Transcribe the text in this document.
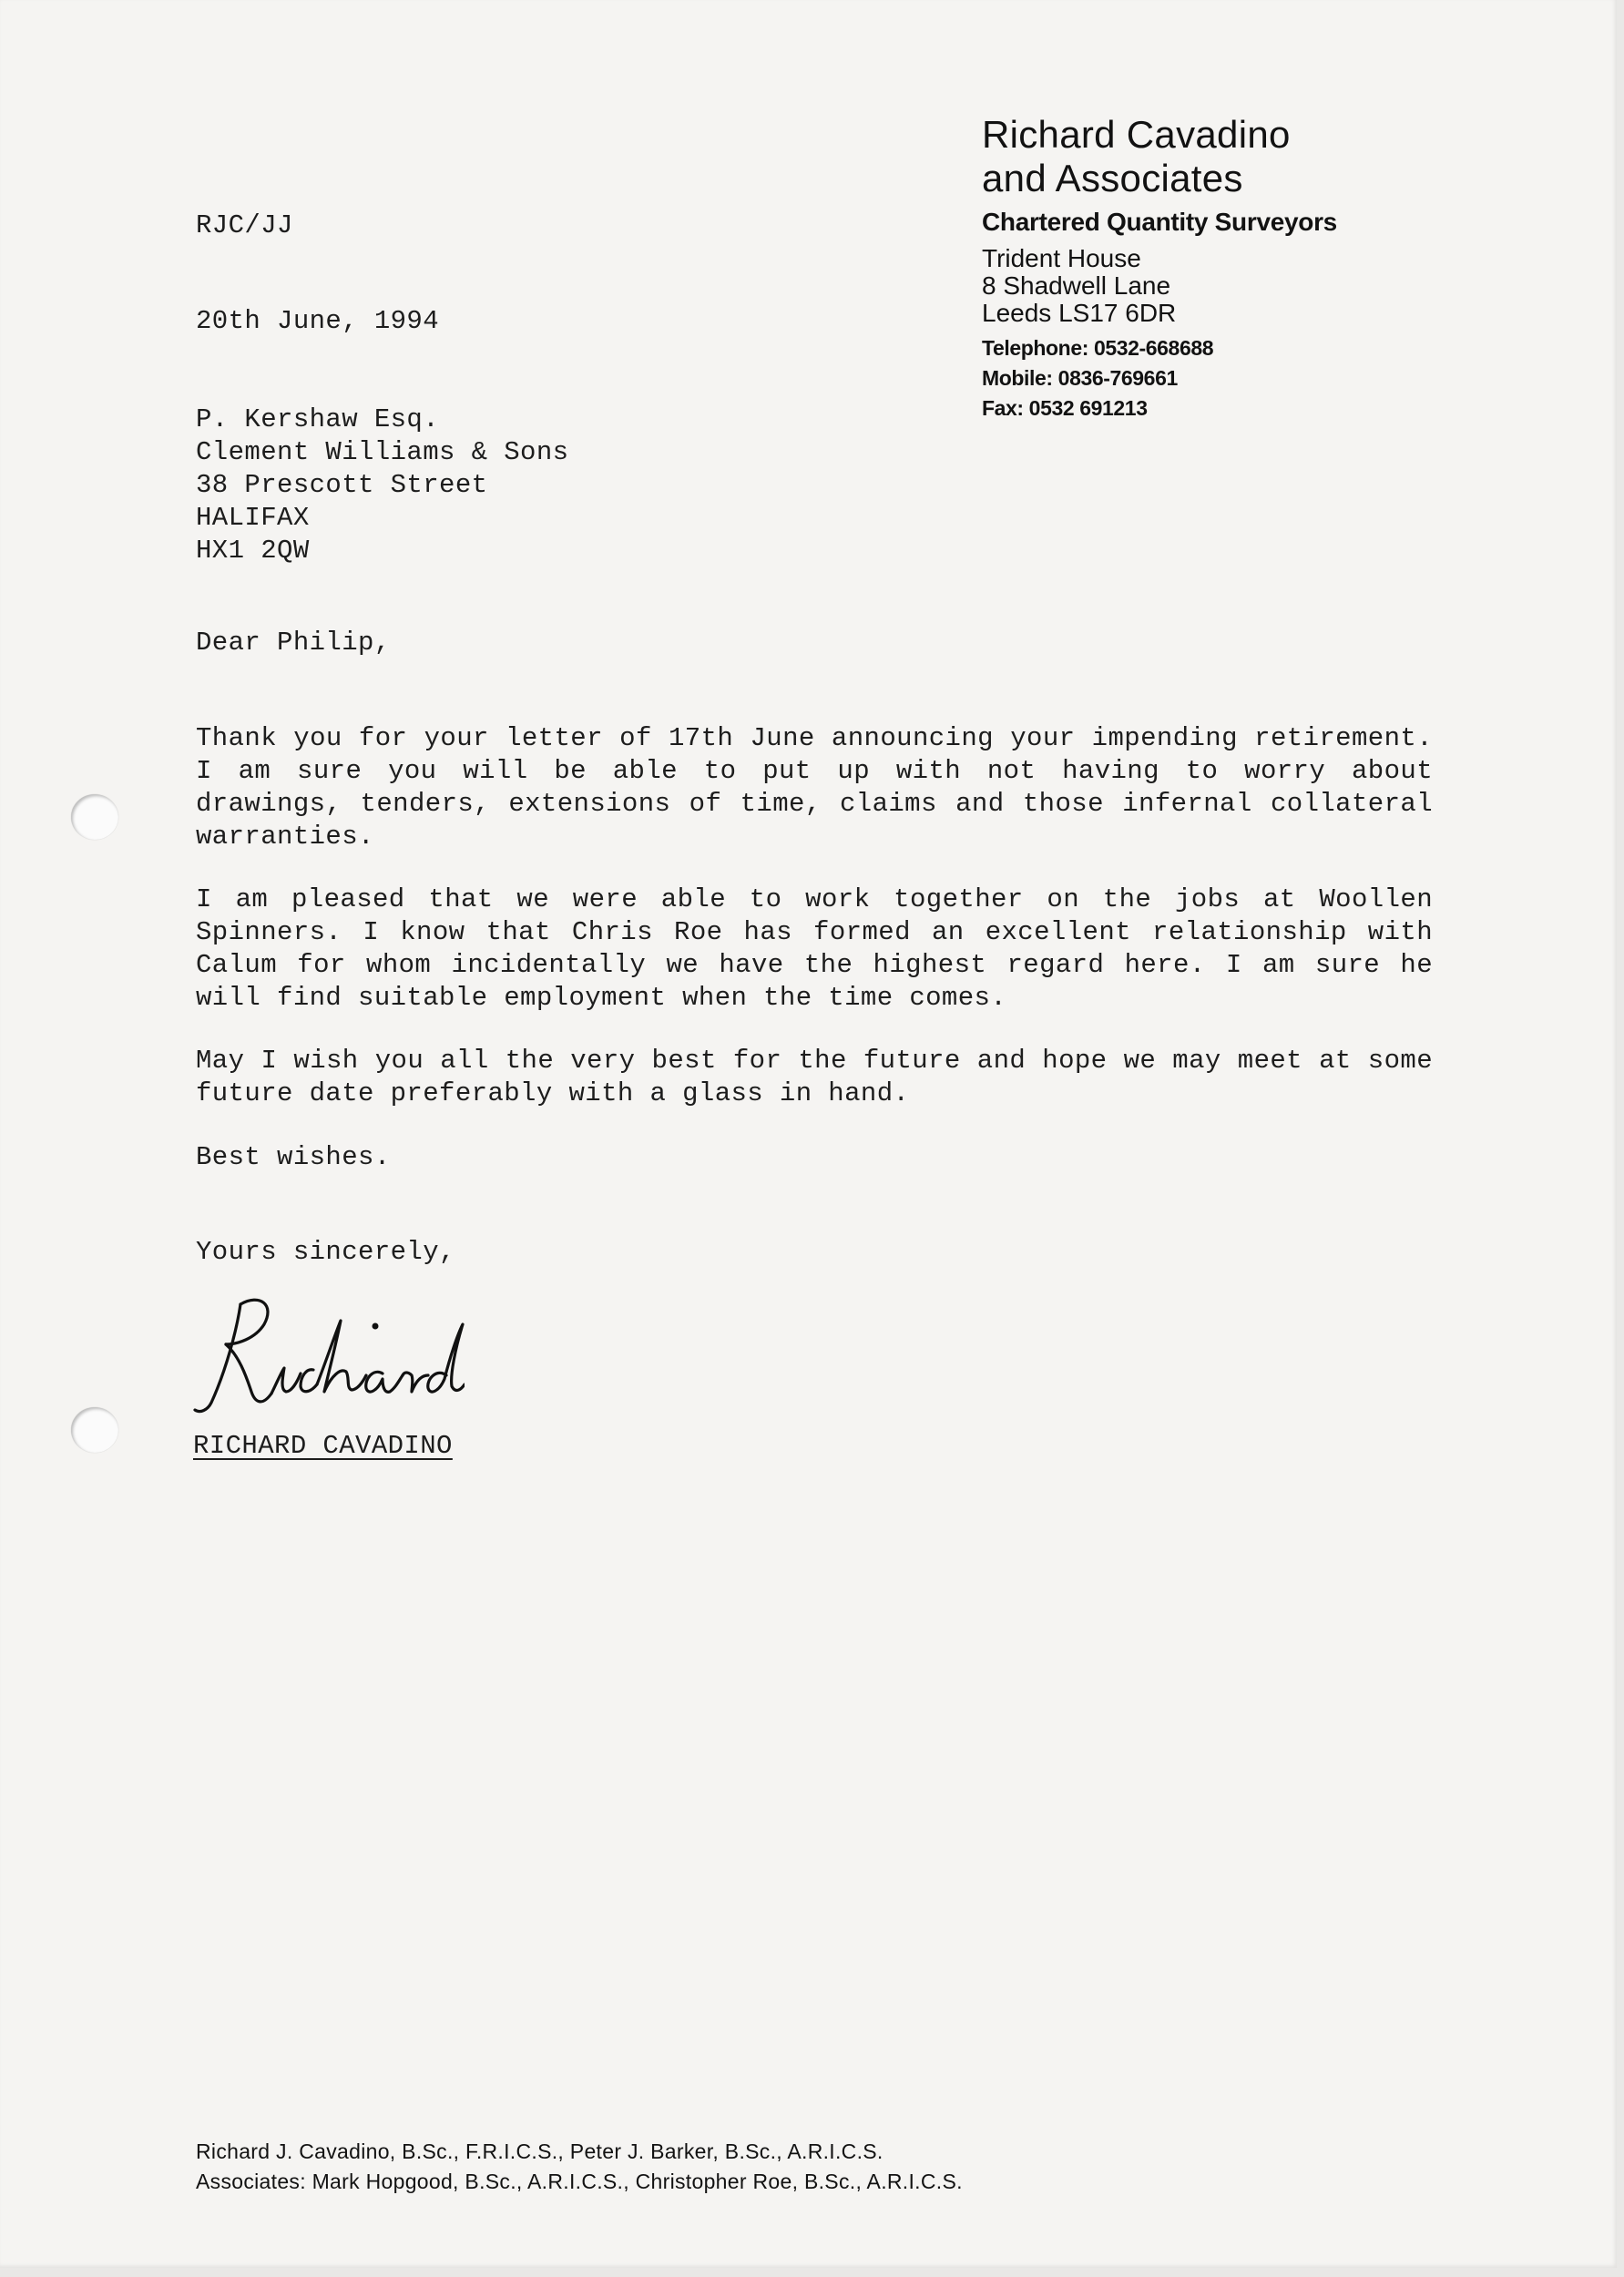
Richard Cavadino
and Associates
Chartered Quantity Surveyors
Trident House
8 Shadwell Lane
Leeds LS17 6DR
Telephone: 0532-668688
Mobile: 0836-769661
Fax: 0532 691213
RJC/JJ
20th June, 1994
P. Kershaw Esq.
Clement Williams & Sons
38 Prescott Street
HALIFAX
HX1 2QW
Dear Philip,
Thank you for your letter of 17th June announcing your impending retirement. I am sure you will be able to put up with not having to worry about drawings, tenders, extensions of time, claims and those infernal collateral warranties.
I am pleased that we were able to work together on the jobs at Woollen Spinners. I know that Chris Roe has formed an excellent relationship with Calum for whom incidentally we have the highest regard here. I am sure he will find suitable employment when the time comes.
May I wish you all the very best for the future and hope we may meet at some future date preferably with a glass in hand.
Best wishes.
Yours sincerely,
RICHARD CAVADINO
Richard J. Cavadino, B.Sc., F.R.I.C.S., Peter J. Barker, B.Sc., A.R.I.C.S.
Associates: Mark Hopgood, B.Sc., A.R.I.C.S., Christopher Roe, B.Sc., A.R.I.C.S.
